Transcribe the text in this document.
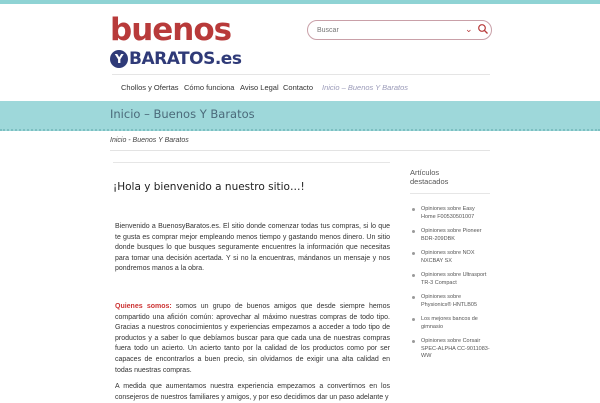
buenos
Y BARATOS.es
Buscar
⌄
Chollos y Ofertas Cómo funciona Aviso Legal Contacto Inicio – Buenos Y Baratos
Inicio – Buenos Y Baratos
Inicio - Buenos Y Baratos
¡Hola y bienvenido a nuestro sitio…!

Bienvenido a BuenosyBaratos.es. El sitio donde comenzar todas tus compras, si lo que te gusta es comprar mejor empleando menos tiempo y gastando menos dinero. Un sitio donde busques lo que busques seguramente encuentres la información que necesitas para tomar una decisión acertada. Y si no la encuentras, mándanos un mensaje y nos pondremos manos a la obra.

Quienes somos: somos un grupo de buenos amigos que desde siempre hemos compartido una afición común: aprovechar al máximo nuestras compras de todo tipo. Gracias a nuestros conocimientos y experiencias empezamos a acceder a todo tipo de productos y a saber lo que debíamos buscar para que cada una de nuestras compras fuera todo un acierto. Un acierto tanto por la calidad de los productos como por ser capaces de encontrarlos a buen precio, sin olvidarnos de exigir una alta calidad en todas nuestras compras.

A medida que aumentamos nuestra experiencia empezamos a convertirnos en los consejeros de nuestros familiares y amigos, y por eso decidimos dar un paso adelante y

Artículos destacados
Opiniones sobre Easy Home F00530501007
Opiniones sobre Pioneer BDR-209DBK
Opiniones sobre NOX NXCBAY SX
Opiniones sobre Ultrasport TR-3 Compact
Opiniones sobre Physionics® HNTLB05
Los mejores bancos de gimnasio
Opiniones sobre Corsair SPEC-ALPHA CC-9011083-WW
